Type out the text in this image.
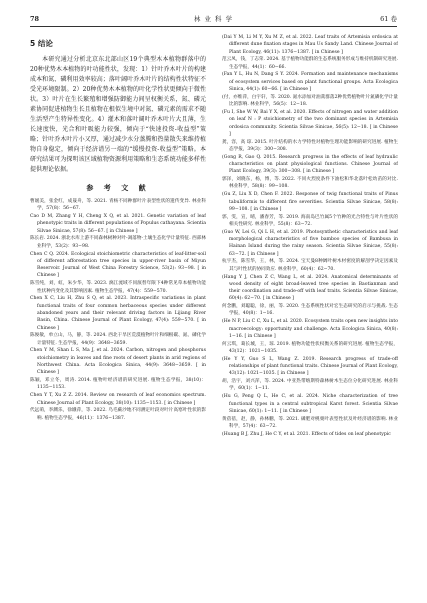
78	林 业 科 学	61 卷
5 结论

本研究通过分析北京东北部山区19个典型木本植物群落中的20种优势木本植物的叶功能性状，发现：1）针叶乔木叶片的构建成本和氮、磷利用效率较高；落叶阔叶乔木叶片的结构性状特征不受光环境限制。2）20种优势木本植物的叶化学性状更倾向于微性状。3）叶片在生长繁殖和增强防御能力间呈权衡关系，氮、磷元素协同促进植物生长且植物在根似生境中对氮、磷元素的需求不随生活型产生特异性变化。4）灌木和落叶阔叶乔木叶片大且薄，生长速度快，光合和叶吸能力较强，倾向于“快速投资-收益型”策略；针叶乔木叶片小又厚，通过减少水分蒸腾和热量散失来维持植物自身稳定，倾向于经济谱另一端的“缓慢投资-收益型”策略。本研究结果可为探明该区域植物资源利用策略和生态系统功能多样性提供理论依据。

参 考 文 献

曹媛美，张金红，成晟舟，等. 2021. 青杨不同种群叶片表型性状的遗传变异. 林业科学，57(8)：56−67.

Cao D M, Zhang Y H, Cheng X Q, et al. 2021. Genetic variation of leaf phenotypic traits in different populations of Populus cathayana. Scientia Silvae Sinicae, 57(8): 56−67. [ in Chinese ]

陈长岩. 2024. 浙北水库上游不同森林树种对叶-凋落物-土壤生态化学计量特征. 西部林业科学，53(2)：93−98.

Chen C Q. 2024. Ecological stoichiometric characteristics of leaf-litter-soil of different afforestation tree species in upper-river basin of Miyun Reservoir. Journal of West China Forestry Science, 53(2): 93−98. [ in Chinese ]

陈雪纯，刘，虹，朱少华，等. 2023. 漓江流域不同演替年限下4种常见草本植物功能性状种内变化及其影响因素. 植物生态学报，47(4)：559−570.

Chen X C, Liu H, Zhu S Q, et al. 2023. Intraspecific variations in plant functional traits of four common herbaceous species under different abandoned years and their relevant driving factors in Lijiang River Basin, China. Chinese Journal of Plant Ecology, 47(4): 559−570. [ in Chinese ]

陈俊敏，单立山，马，静，等. 2024. 西北干旱区荒漠植物叶片和细根碳、氮、磷化学计量特征. 生态学报，44(9)：3648−3659.

Chen Y M, Shan L S, Ma J, et al. 2024. Carbon, nitrogen and phosphorus stoichiometry in leaves and fine roots of desert plants in arid regions of Northwest China. Acta Ecologica Sinica, 44(9): 3648−3659. [ in Chinese ]

陈颖，邓立冬，周涛. 2014. 植物叶经济谱的研究进展. 植物生态学报，38(10)：1135−1153.

Chen Y T, Xu Z Z. 2014. Review on research of leaf economics spectrum. Chinese Journal of Plant Ecology, 38(10): 1135−1153. [ in Chinese ]

代远萌，李渊乐，徐娥萍，等. 2022. 乌毛蕨沙地不同测定叶段对叶片高寒叶性状的影响. 植物生态学报，46(11)：1376−1387.

(Dai Y M, Li M Y, Xu M Z, et al. 2022. Leaf traits of Artemisia ordosica at different dune fixation stages in Mau Us Sandy Land. Chinese Journal of Plant Ecology, 46(11): 1376−1387. [ in Chinese ]

范云凤，钱，丁志荣. 2024. 基于植物功能群的生态系统服务形成与维持机制研究进展. 生态学报，44(1)：60−66.

(Fan Y L, Hu N, Dang S Y. 2024. Formation and maintenance mechanisms of ecosystem services based on plant functional groups. Acta Ecologica Sinica, 44(1): 60−66. [ in Chinese ]

(付，亦维萍，白宇轩，等. 2020. 氮水添加对油蒿群落2种优势植物叶片氮磷化学计量比的影响. 林业科学，56(5)：12−18.

(Fu I, She W W, Bai Y X, et al. 2020. Effects of nitrogen and water addition on leaf N : P stoichiometry of the two dominant species in Artemisia ordosica community. Scientia Silvae Sinicae, 56(5): 12−18. [ in Chinese ]

龚，容，高 琼. 2015. 叶片结构的水力学特性对植物生理功能影响的研究进展. 植物生态学报，39(3)：300−308.

(Gong R, Gao Q. 2015. Research progress in the effects of leaf hydraulic characteristics on plant physiological functions. Chinese Journal of Plant Ecology, 39(3): 300−308. [ in Chinese ]

郭泽，刘晓东，杨，博，等. 2022. 不同火烈度条件下油松和华北落叶松幼苗的对比. 林业科学，58(8)：99−108.

(Gu Z, Liu X D, Chen F. 2022. Response of twig functional traits of Pinus tabuliformis to different fire severities. Scientia Silvae Sinicae, 58(8): 99−108. [ in Chinese ]

郭，雯，宣，晴，潘春芳，等. 2019. 海南岛巴竹属5个竹种的光合特性与叶片性状的相关性研究. 林业科学，55(8)：63−72.

(Guo W, Lei G, Qi L H, et al. 2019. Photosynthetic characteristics and leaf morphological characteristics of five bamboo species of Bambusa in Hainan Island during the rainy season. Scientia Silvae Sinicae, 55(8): 63−72. [ in Chinese ]

杭宇杰，陈雪华，王，林，等. 2024. 宝天曼8种阔叶树木材密度的解剖学决定因素及其与叶性状的协同效应. 林业科学，60(4)：62−70.

(Hang Y J, Chen Z C, Wang L, et al. 2024. Anatomical determinants of wood density of eight broad-leaved tree species in Baotianman and their coordination and trade-off with leaf traits. Scientia Silvae Sinicae, 60(4): 62−70. [ in Chinese ]

何念鹏，刘聪聪，徐，丽，等. 2020. 生态系统性状对宏生态研究的启示与挑战. 生态学报，40(8)：1−16.

(He N P, Liu C C, Xu L, et al. 2020. Ecosystem traits open new insights into macroecology: opportunity and challenge. Acta Ecologica Sinica, 40(8): 1−16. [ in Chinese ]

何云琪，葛长城，王，琼. 2019. 植物功能性状权衡关系的研究进展. 植物生态学报，43(12)：1021−1035.

(He Y Y, Guo S L, Wang Z. 2019. Research progress of trade-off relationships of plant functional traits. Chinese Journal of Plant Ecology, 43(12): 1021−1035. [ in Chinese ]

胡，浩宇，刘兴萍，等. 2024. 中亚热带喀斯特森林树木生态位分化研究进展. 林业科学，60(1)：1−11.

(Hu G, Peng Q L, He C, et al. 2024. Niche characterization of tree functional types in a central subtropical Karst forest. Scientia Silvae Sinicae, 60(1): 1−11. [ in Chinese ]

黄蓓蓓，赵，静，孙林鹏，等. 2021. 磷肥对桃栗叶表型性状及叶经济谱的影响. 林业科学，57(4)：63−72.

(Huang B J, Zhu J, He C Y, et al. 2021. Effects of tides on leaf phenotypic
